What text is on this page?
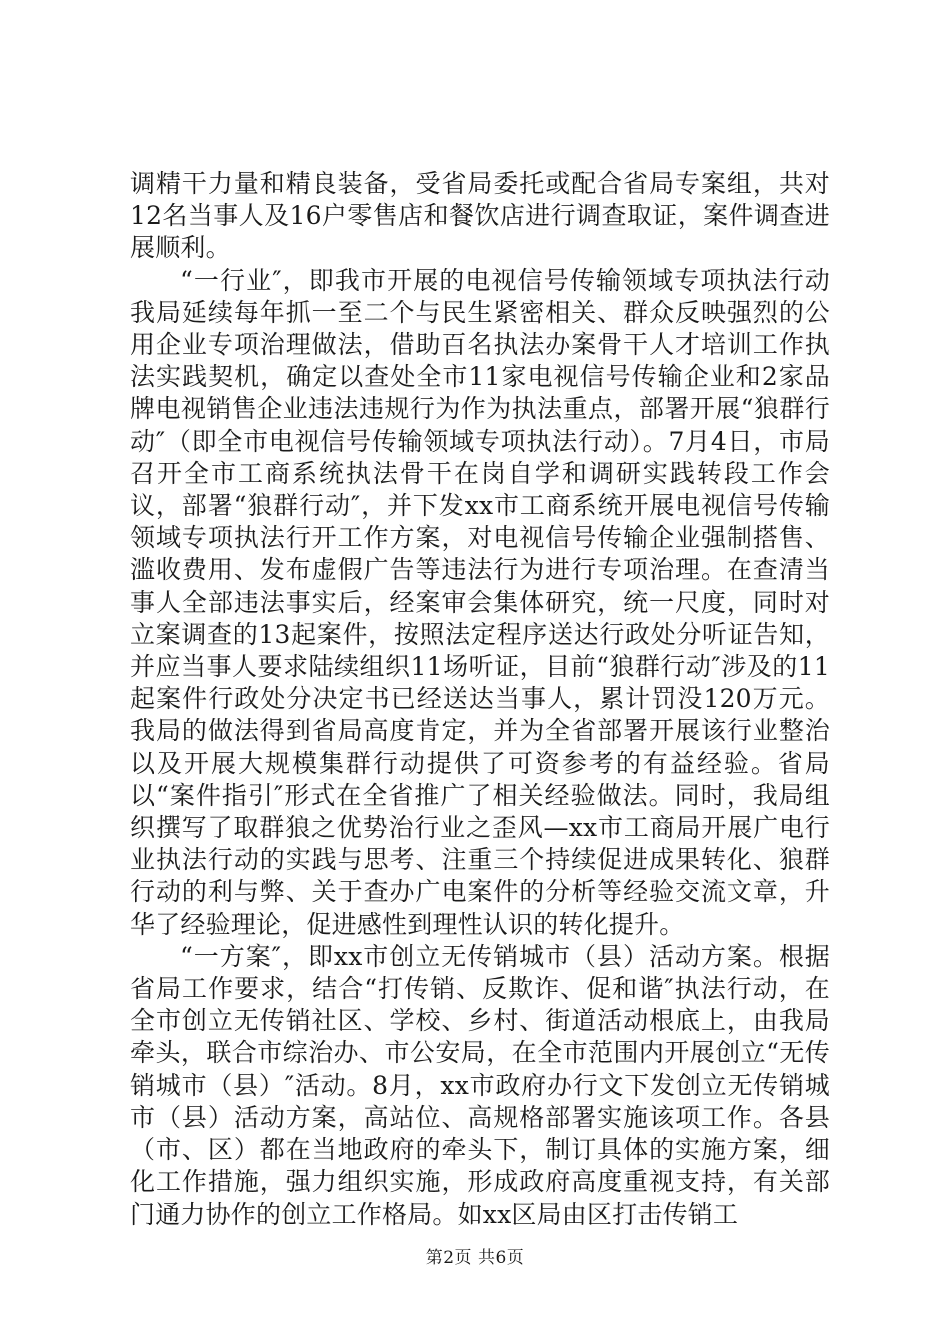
调精干力量和精良装备，受省局委托或配合省局专案组，共对12名当事人及16户零售店和餐饮店进行调查取证，案件调查进展顺利。

“一行业″，即我市开展的电视信号传输领域专项执法行动我局延续每年抓一至二个与民生紧密相关、群众反映强烈的公用企业专项治理做法，借助百名执法办案骨干人才培训工作执法实践契机，确定以查处全市11家电视信号传输企业和2家品牌电视销售企业违法违规行为作为执法重点，部署开展“狼群行动″（即全市电视信号传输领域专项执法行动）。7月4日，市局召开全市工商系统执法骨干在岗自学和调研实践转段工作会议，部署“狼群行动″，并下发xx市工商系统开展电视信号传输领域专项执法行开工作方案，对电视信号传输企业强制搭售、滥收费用、发布虚假广告等违法行为进行专项治理。在查清当事人全部违法事实后，经案审会集体研究，统一尺度，同时对立案调查的13起案件，按照法定程序送达行政处分听证告知，并应当事人要求陆续组织11场听证，目前“狼群行动″涉及的11起案件行政处分决定书已经送达当事人，累计罚没120万元。我局的做法得到省局高度肯定，并为全省部署开展该行业整治以及开展大规模集群行动提供了可资参考的有益经验。省局以“案件指引″形式在全省推广了相关经验做法。同时，我局组织撰写了取群狼之优势治行业之歪风—xx市工商局开展广电行业执法行动的实践与思考、注重三个持续促进成果转化、狼群行动的利与弊、关于查办广电案件的分析等经验交流文章，升华了经验理论，促进感性到理性认识的转化提升。

“一方案″，即xx市创立无传销城市（县）活动方案。根据省局工作要求，结合“打传销、反欺诈、促和谐″执法行动，在全市创立无传销社区、学校、乡村、街道活动根底上，由我局牵头，联合市综治办、市公安局，在全市范围内开展创立“无传销城市（县）″活动。8月，xx市政府办行文下发创立无传销城市（县）活动方案，高站位、高规格部署实施该项工作。各县（市、区）都在当地政府的牵头下，制订具体的实施方案，细化工作措施，强力组织实施，形成政府高度重视支持，有关部门通力协作的创立工作格局。如xx区局由区打击传销工

第2页 共6页
